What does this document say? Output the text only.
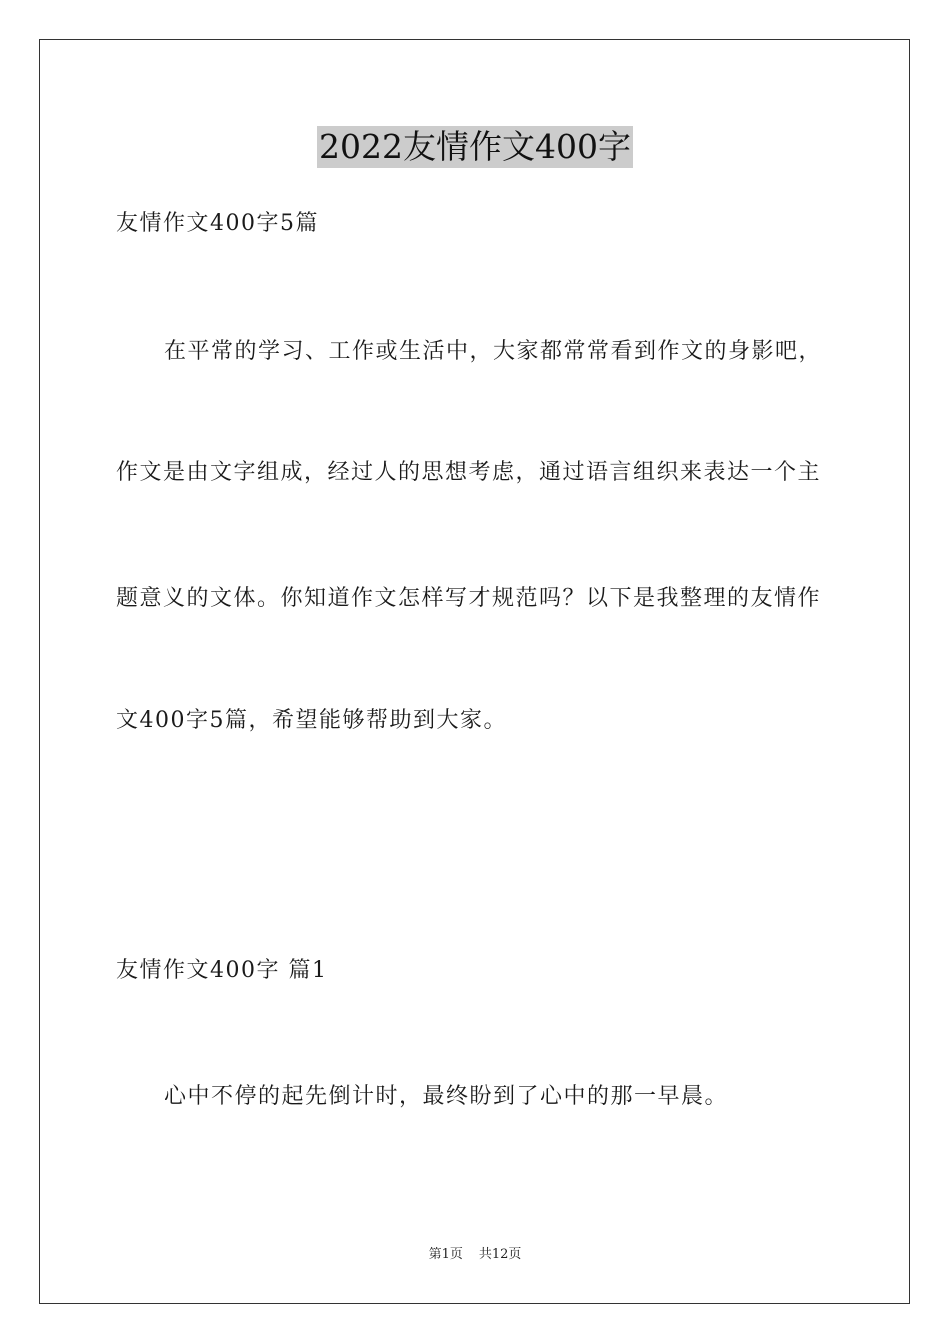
2022友情作文400字
友情作文400字5篇
在平常的学习、工作或生活中，大家都常常看到作文的身影吧，
作文是由文字组成，经过人的思想考虑，通过语言组织来表达一个主
题意义的文体。你知道作文怎样写才规范吗？以下是我整理的友情作
文400字5篇，希望能够帮助到大家。
友情作文400字 篇1
心中不停的起先倒计时，最终盼到了心中的那一早晨。
第1页 共12页
